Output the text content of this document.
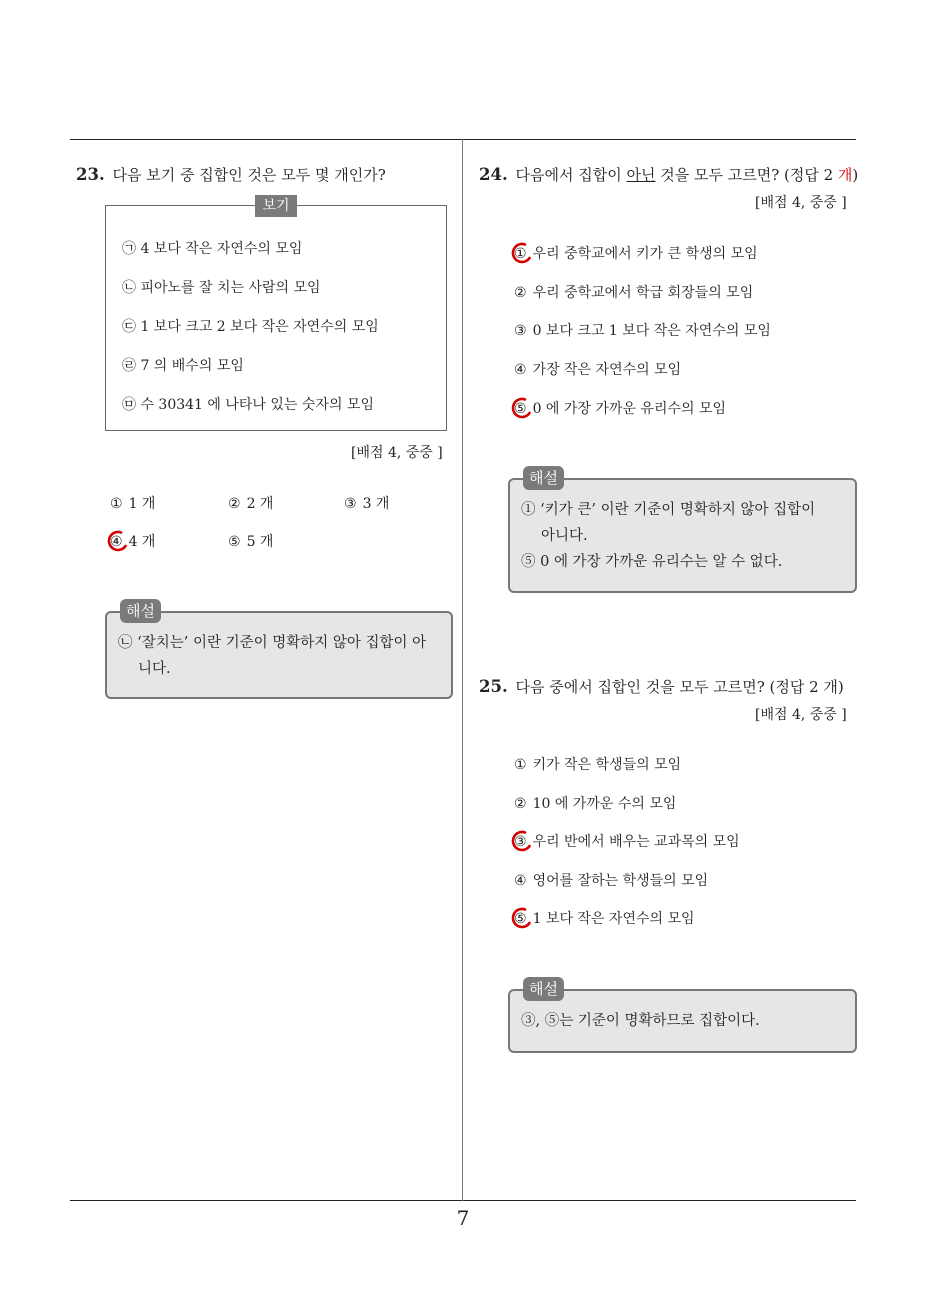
7
23. 다음 보기 중 집합인 것은 모두 몇 개인가?
보기
㉠ 4 보다 작은 자연수의 모임
㉡ 피아노를 잘 치는 사람의 모임
㉢ 1 보다 크고 2 보다 작은 자연수의 모임
㉣ 7 의 배수의 모임
㉤ 수 30341 에 나타나 있는 숫자의 모임
[배점 4, 중중 ]
① 1 개	② 2 개	③ 3 개
④ 4 개	⑤ 5 개
해설
㉡ ‘잘치는’ 이란 기준이 명확하지 않아 집합이 아
니다.
24. 다음에서 집합이 아닌 것을 모두 고르면? (정답 2 개)
[배점 4, 중중 ]
① 우리 중학교에서 키가 큰 학생의 모임
② 우리 중학교에서 학급 회장들의 모임
③ 0 보다 크고 1 보다 작은 자연수의 모임
④ 가장 작은 자연수의 모임
⑤ 0 에 가장 가까운 유리수의 모임
해설
① ‘키가 큰’ 이란 기준이 명확하지 않아 집합이
아니다.
⑤ 0 에 가장 가까운 유리수는 알 수 없다.
25. 다음 중에서 집합인 것을 모두 고르면? (정답 2 개)
[배점 4, 중중 ]
① 키가 작은 학생들의 모임
② 10 에 가까운 수의 모임
③ 우리 반에서 배우는 교과목의 모임
④ 영어를 잘하는 학생들의 모임
⑤ 1 보다 작은 자연수의 모임
해설
③, ⑤는 기준이 명확하므로 집합이다.
